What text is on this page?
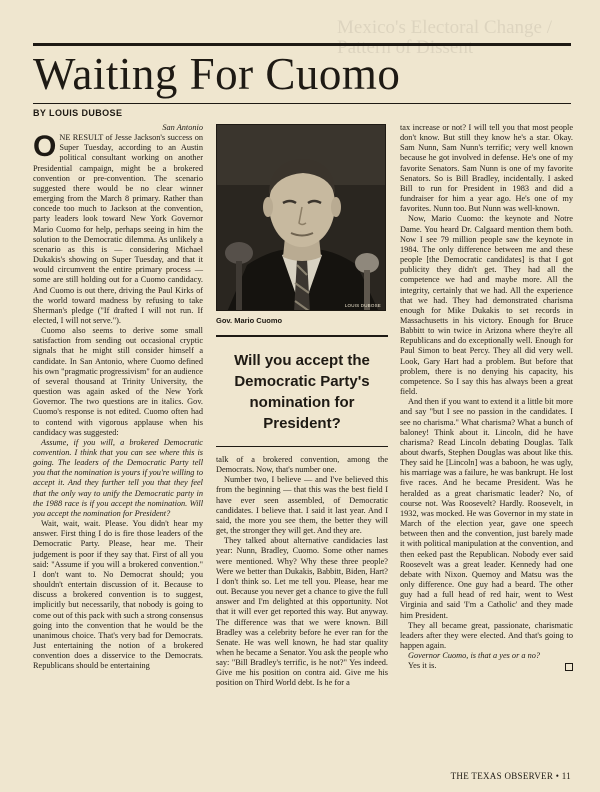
Mexico's Electoral Change / Pattern of Dissent
Waiting For Cuomo
BY LOUIS DUBOSE

San Antonio

ONE RESULT of Jesse Jackson's success on Super Tuesday, according to an Austin political consultant working on another Presidential campaign, might be a brokered convention or pre-convention. The scenario suggested there would be no clear winner emerging from the March 8 primary. Rather than concede too much to Jackson at the convention, party leaders look toward New York Governor Mario Cuomo for help, perhaps seeing in him the solution to the Democratic dilemma. As unlikely a scenario as this is — considering Michael Dukakis's showing on Super Tuesday, and that it would circumvent the entire primary process — some are still holding out for a Cuomo candidacy. And Cuomo is out there, driving the Paul Kirks of the world toward madness by refusing to take Sherman's pledge ("If drafted I will not run. If elected, I will not serve.").

Cuomo also seems to derive some small satisfaction from sending out occasional cryptic signals that he might still consider himself a candidate. In San Antonio, where Cuomo defined his own "pragmatic progressivism" for an audience of several thousand at Trinity University, the question was again asked of the New York Governor. The two questions are in italics. Gov. Cuomo's response is not edited. Cuomo often had to contend with vigorous applause when his candidacy was suggested:

Assume, if you will, a brokered Democratic convention. I think that you can see where this is going. The leaders of the Democratic Party tell you that the nomination is yours if you're willing to accept it. And they further tell you that they feel that the only way to unify the Democratic party in the 1988 race is if you accept the nomination. Will you accept the nomination for President?

Wait, wait, wait. Please. You didn't hear my answer. First thing I do is fire those leaders of the Democratic Party. Please, hear me. Their judgement is poor if they say that. First of all you said: "Assume if you will a brokered convention." I don't want to. No Democrat should; you shouldn't entertain discussion of it. Because to discuss a brokered convention is to suggest, implicitly but necessarily, that nobody is going to come out of this pack with such a strong consensus going into the convention that he would be the unanimous choice. That's very bad for Democrats. Just entertaining the notion of a brokered convention does a disservice to the Democrats. Republicans should be entertaining

LOUIS DUBOSE
Gov. Mario Cuomo
Will you accept the Democratic Party's nomination for President?

talk of a brokered convention, among the Democrats. Now, that's number one.

Number two, I believe — and I've believed this from the beginning — that this was the best field I have ever seen assembled, of Democratic candidates. I believe that. I said it last year. And I said, the more you see them, the better they will get, the stronger they will get. And they are.

They talked about alternative candidacies last year: Nunn, Bradley, Cuomo. Some other names were mentioned. Why? Why these three people? Were we better than Dukakis, Babbitt, Biden, Hart? I don't think so. Let me tell you. Please, hear me out. Because you never get a chance to give the full answer and I'm delighted at this opportunity. Not that it will ever get reported this way. But anyway. The difference was that we were known. Bill Bradley was a celebrity before he ever ran for the Senate. He was well known, he had star quality when he became a Senator. You ask the people who say: "Bill Bradley's terrific, is he not?" Yes indeed. Give me his position on contra aid. Give me his position on Third World debt. Is he for a

tax increase or not? I will tell you that most people don't know. But still they know he's a star. Okay. Sam Nunn, Sam Nunn's terrific; very well known because he got involved in defense. He's one of my favorite Senators. Sam Nunn is one of my favorite Senators. So is Bill Bradley, incidentally. I asked Bill to run for President in 1983 and did a fundraiser for him a year ago. He's one of my favorites. Nunn too. But Nunn was well-known.

Now, Mario Cuomo: the keynote and Notre Dame. You heard Dr. Calgaard mention them both. Now I see 79 million people saw the keynote in 1984. The only difference between me and these people [the Democratic candidates] is that I got publicity they didn't get. They had all the competence we had and maybe more. All the integrity, certainly that we had. All the experience that we had. They had demonstrated charisma enough for Mike Dukakis to set records in Massachusetts in his victory. Enough for Bruce Babbitt to win twice in Arizona where they're all Republicans and do exceptionally well. Enough for Paul Simon to beat Percy. They all did very well. Look, Gary Hart had a problem. But before that problem, there is no denying his capacity, his competence. So I say this has always been a great field.

And then if you want to extend it a little bit more and say "but I see no passion in the candidates. I see no charisma." What charisma? What a bunch of baloney! Think about it. Lincoln, did he have charisma? Read Lincoln debating Douglas. Talk about dwarfs, Stephen Douglas was about like this. They said he [Lincoln] was a baboon, he was ugly, his marriage was a failure, he was bankrupt. He lost five races. And he became President. Was he heralded as a great charismatic leader? No, of course not. Was Roosevelt? Hardly. Roosevelt, in 1932, was mocked. He was Governor in my state in March of the election year, gave one speech between then and the convention, just barely made it with political manipulation at the convention, and then eeked past the Republican. Nobody ever said Roosevelt was a great leader. Kennedy had one debate with Nixon. Quemoy and Matsu was the only difference. One guy had a beard. The other guy had a full head of red hair, went to West Virginia and said 'I'm a Catholic' and they made him President.

They all became great, passionate, charismatic leaders after they were elected. And that's going to happen again.

Governor Cuomo, is that a yes or a no?

Yes it is.

THE TEXAS OBSERVER • 11
